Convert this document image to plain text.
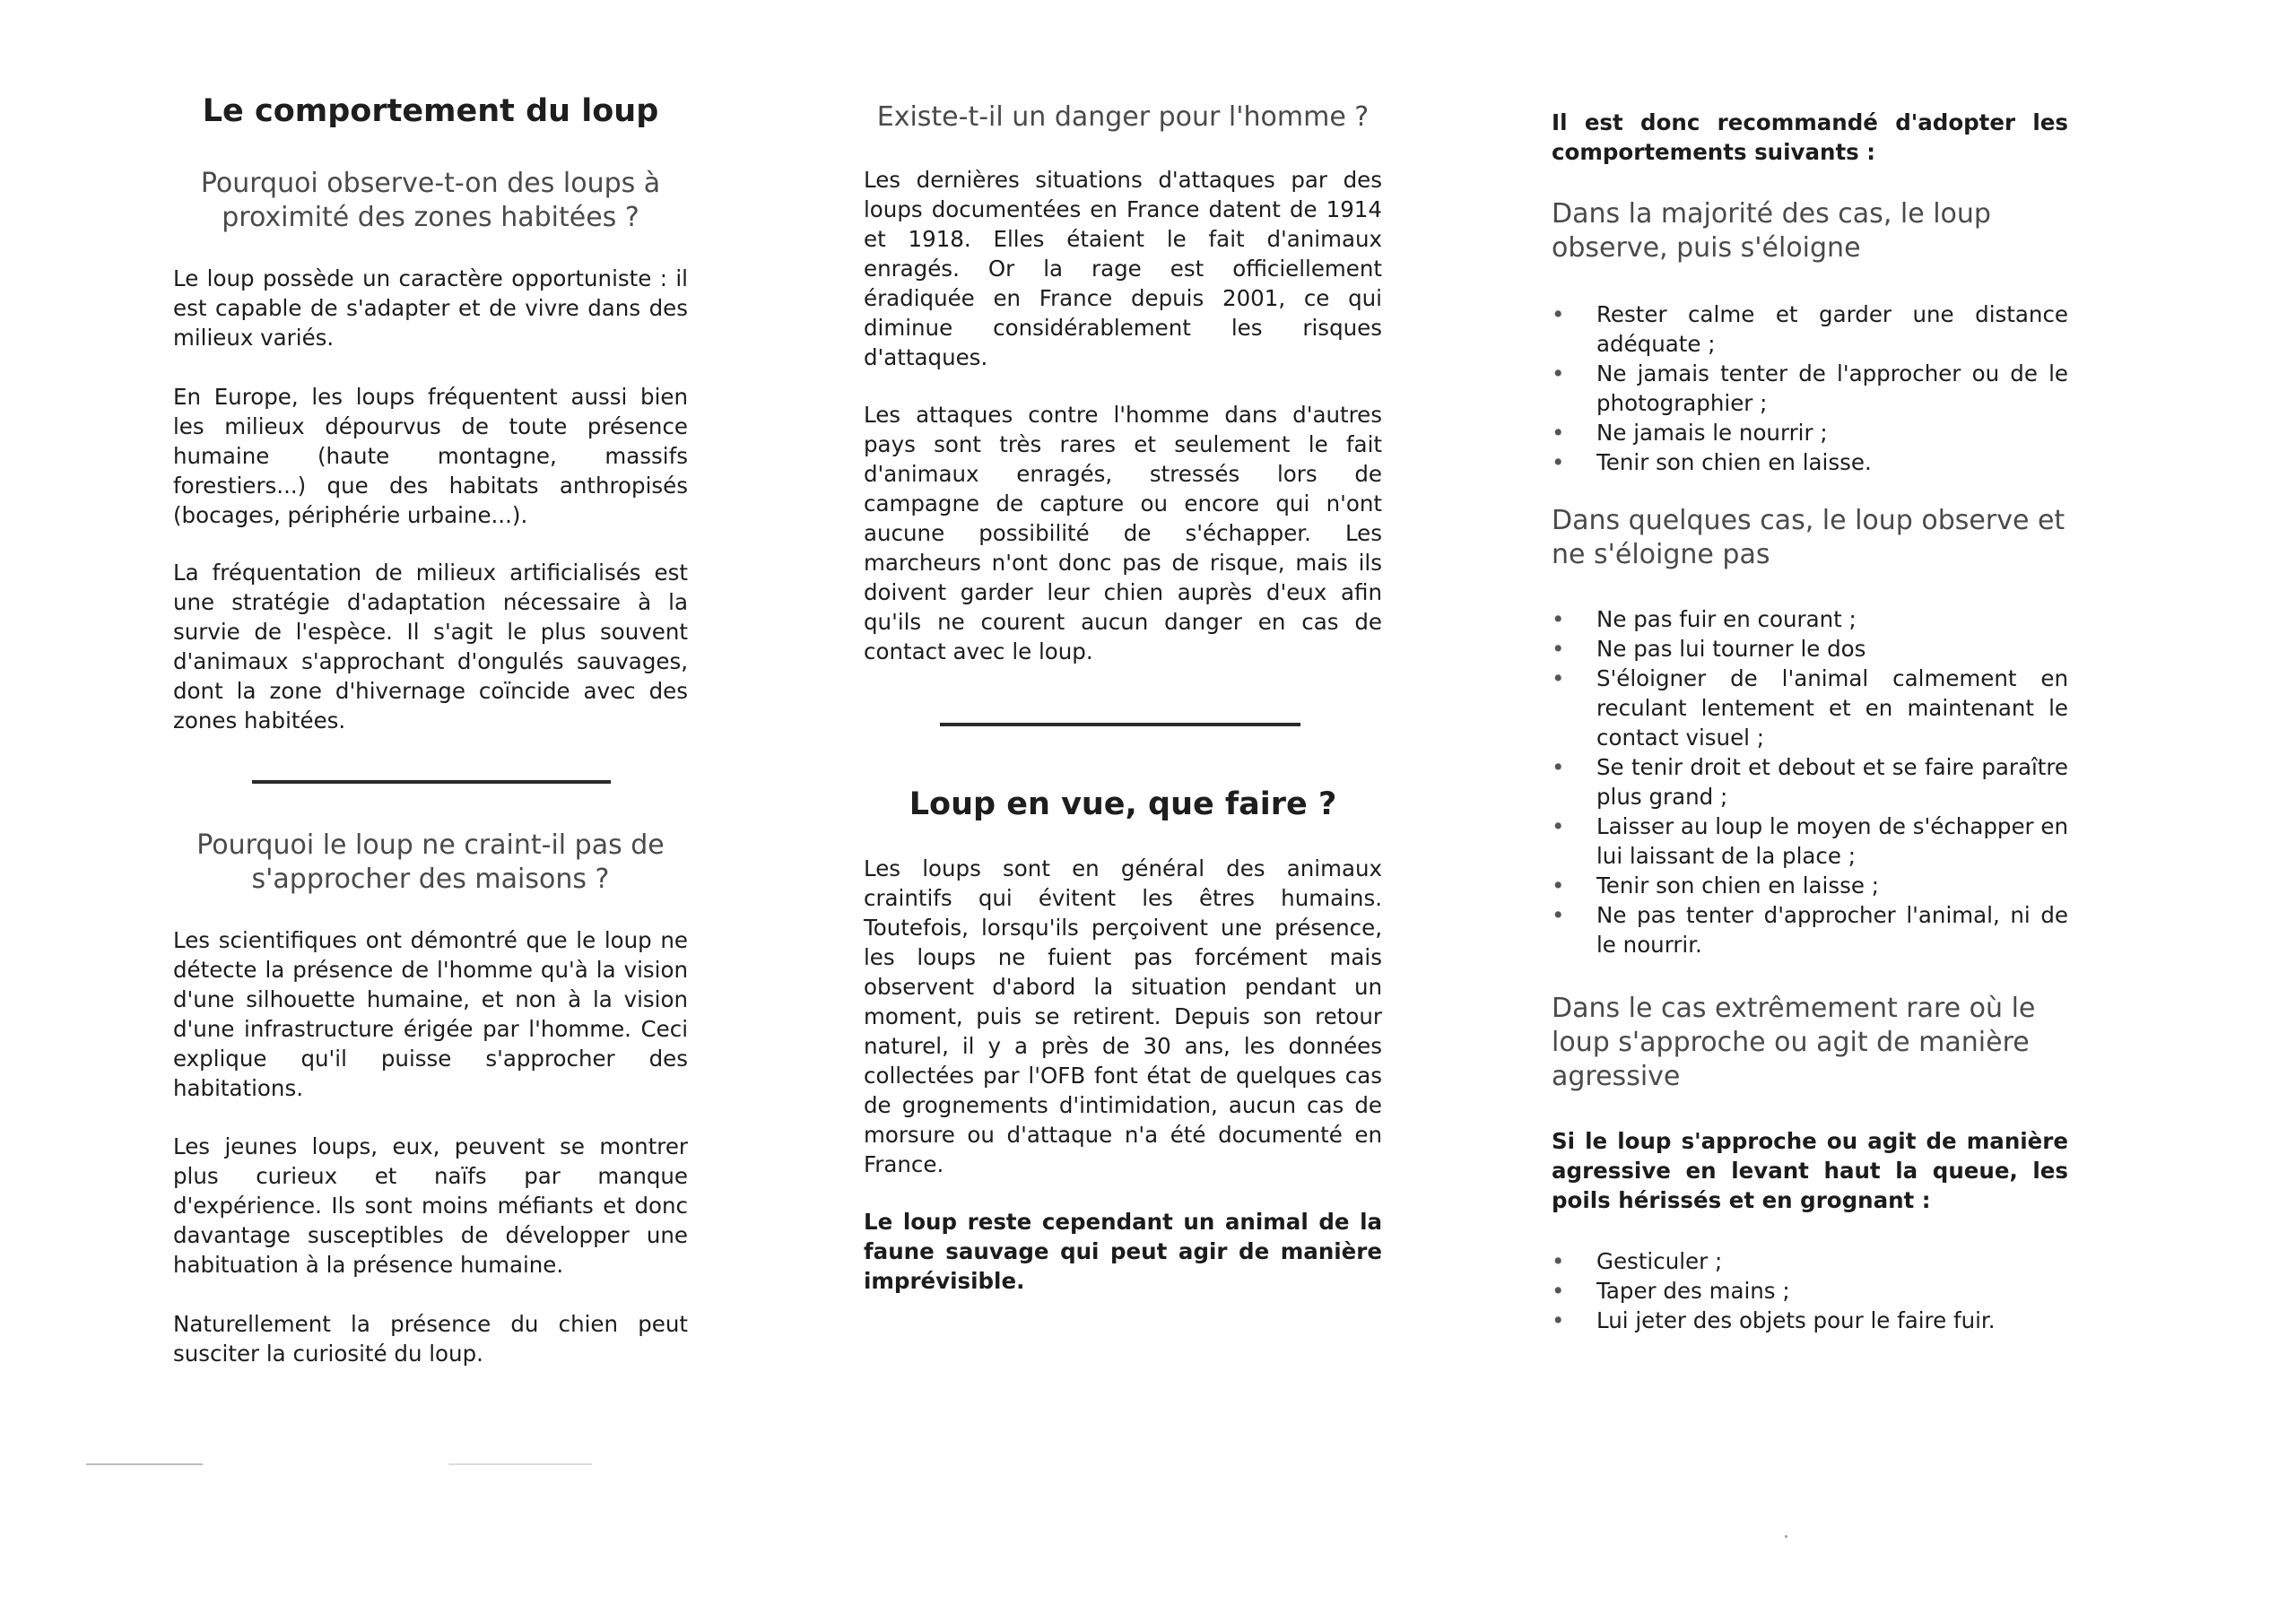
Le comportement du loup
Pourquoi observe-t-on des loups à proximité des zones habitées ?

Le loup possède un caractère opportuniste : il est capable de s'adapter et de vivre dans des milieux variés.

En Europe, les loups fréquentent aussi bien les milieux dépourvus de toute présence humaine (haute montagne, massifs forestiers...) que des habitats anthropisés (bocages, périphérie urbaine...).

La fréquentation de milieux artificialisés est une stratégie d'adaptation nécessaire à la survie de l'espèce. Il s'agit le plus souvent d'animaux s'approchant d'ongulés sauvages, dont la zone d'hivernage coïncide avec des zones habitées.

Pourquoi le loup ne craint-il pas de s'approcher des maisons ?

Les scientifiques ont démontré que le loup ne détecte la présence de l'homme qu'à la vision d'une silhouette humaine, et non à la vision d'une infrastructure érigée par l'homme. Ceci explique qu'il puisse s'approcher des habitations.

Les jeunes loups, eux, peuvent se montrer plus curieux et naïfs par manque d'expérience. Ils sont moins méfiants et donc davantage susceptibles de développer une habituation à la présence humaine.

Naturellement la présence du chien peut susciter la curiosité du loup.

Existe-t-il un danger pour l'homme ?

Les dernières situations d'attaques par des loups documentées en France datent de 1914 et 1918. Elles étaient le fait d'animaux enragés. Or la rage est officiellement éradiquée en France depuis 2001, ce qui diminue considérablement les risques d'attaques.

Les attaques contre l'homme dans d'autres pays sont très rares et seulement le fait d'animaux enragés, stressés lors de campagne de capture ou encore qui n'ont aucune possibilité de s'échapper. Les marcheurs n'ont donc pas de risque, mais ils doivent garder leur chien auprès d'eux afin qu'ils ne courent aucun danger en cas de contact avec le loup.

Loup en vue, que faire ?

Les loups sont en général des animaux craintifs qui évitent les êtres humains. Toutefois, lorsqu'ils perçoivent une présence, les loups ne fuient pas forcément mais observent d'abord la situation pendant un moment, puis se retirent. Depuis son retour naturel, il y a près de 30 ans, les données collectées par l'OFB font état de quelques cas de grognements d'intimidation, aucun cas de morsure ou d'attaque n'a été documenté en France.

Le loup reste cependant un animal de la faune sauvage qui peut agir de manière imprévisible.

Il est donc recommandé d'adopter les comportements suivants :

Dans la majorité des cas, le loup observe, puis s'éloigne
• Rester calme et garder une distance adéquate ;
• Ne jamais tenter de l'approcher ou de le photographier ;
• Ne jamais le nourrir ;
• Tenir son chien en laisse.
Dans quelques cas, le loup observe et ne s'éloigne pas
• Ne pas fuir en courant ;
• Ne pas lui tourner le dos
• S'éloigner de l'animal calmement en reculant lentement et en maintenant le contact visuel ;
• Se tenir droit et debout et se faire paraître plus grand ;
• Laisser au loup le moyen de s'échapper en lui laissant de la place ;
• Tenir son chien en laisse ;
• Ne pas tenter d'approcher l'animal, ni de le nourrir.
Dans le cas extrêmement rare où le loup s'approche ou agit de manière agressive

Si le loup s'approche ou agit de manière agressive en levant haut la queue, les poils hérissés et en grognant :

• Gesticuler ;
• Taper des mains ;
• Lui jeter des objets pour le faire fuir.
